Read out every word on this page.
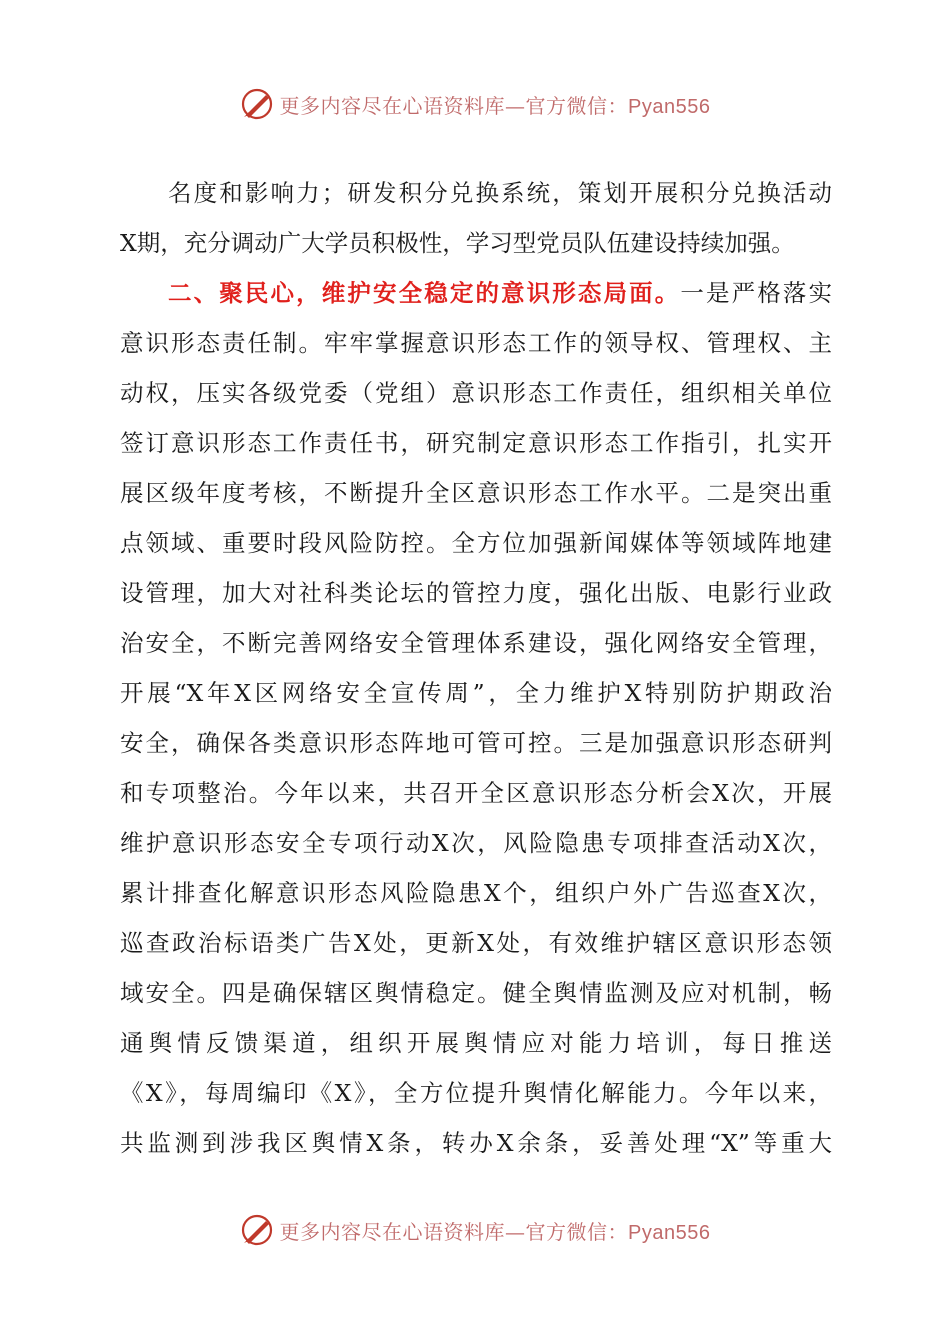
更多内容尽在心语资料库—官方微信：Pyan556
名度和影响力；研发积分兑换系统，策划开展积分兑换活动
X期，充分调动广大学员积极性，学习型党员队伍建设持续加强。
二、聚民心，维护安全稳定的意识形态局面。一是严格落实
意识形态责任制。牢牢掌握意识形态工作的领导权、管理权、主
动权，压实各级党委（党组）意识形态工作责任，组织相关单位
签订意识形态工作责任书，研究制定意识形态工作指引，扎实开
展区级年度考核，不断提升全区意识形态工作水平。二是突出重
点领域、重要时段风险防控。全方位加强新闻媒体等领域阵地建
设管理，加大对社科类论坛的管控力度，强化出版、电影行业政
治安全，不断完善网络安全管理体系建设，强化网络安全管理，
开展“X年X区网络安全宣传周”，全力维护X特别防护期政治
安全，确保各类意识形态阵地可管可控。三是加强意识形态研判
和专项整治。今年以来，共召开全区意识形态分析会X次，开展
维护意识形态安全专项行动X次，风险隐患专项排查活动X次，
累计排查化解意识形态风险隐患X个，组织户外广告巡查X次，
巡查政治标语类广告X处，更新X处，有效维护辖区意识形态领
域安全。四是确保辖区舆情稳定。健全舆情监测及应对机制，畅
通舆情反馈渠道，组织开展舆情应对能力培训，每日推送
《X》，每周编印《X》，全方位提升舆情化解能力。今年以来，
共监测到涉我区舆情X条，转办X余条，妥善处理“X”等重大
更多内容尽在心语资料库—官方微信：Pyan556
